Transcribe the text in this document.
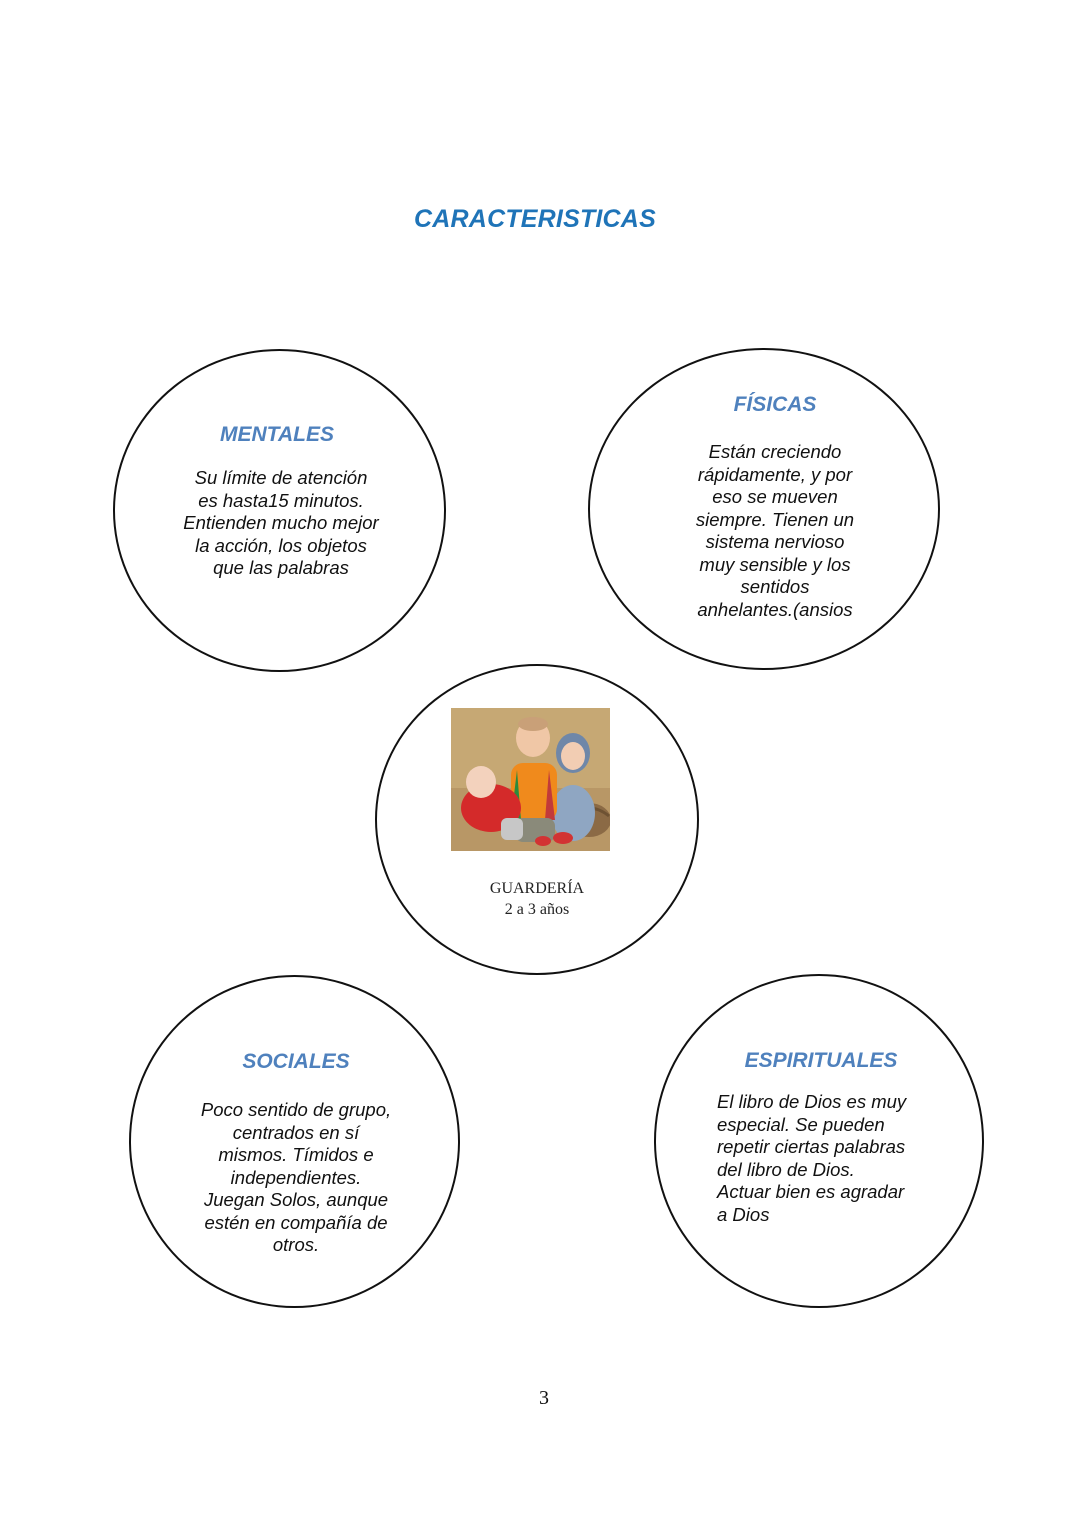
CARACTERISTICAS
MENTALES
Su límite de atención
es hasta15 minutos.
Entienden mucho mejor
la acción, los objetos
que las palabras
FÍSICAS
Están creciendo
rápidamente, y por
eso se mueven
siempre. Tienen un
sistema nervioso
muy sensible y los
sentidos
anhelantes.(ansios
GUARDERÍA
2 a 3 años
SOCIALES
Poco sentido de grupo,
centrados en sí
mismos. Tímidos e
independientes.
Juegan Solos, aunque
estén en compañía de
otros.
ESPIRITUALES
El libro de Dios es muy
especial. Se pueden
repetir ciertas palabras
del libro de Dios.
Actuar bien es agradar
a Dios
3
